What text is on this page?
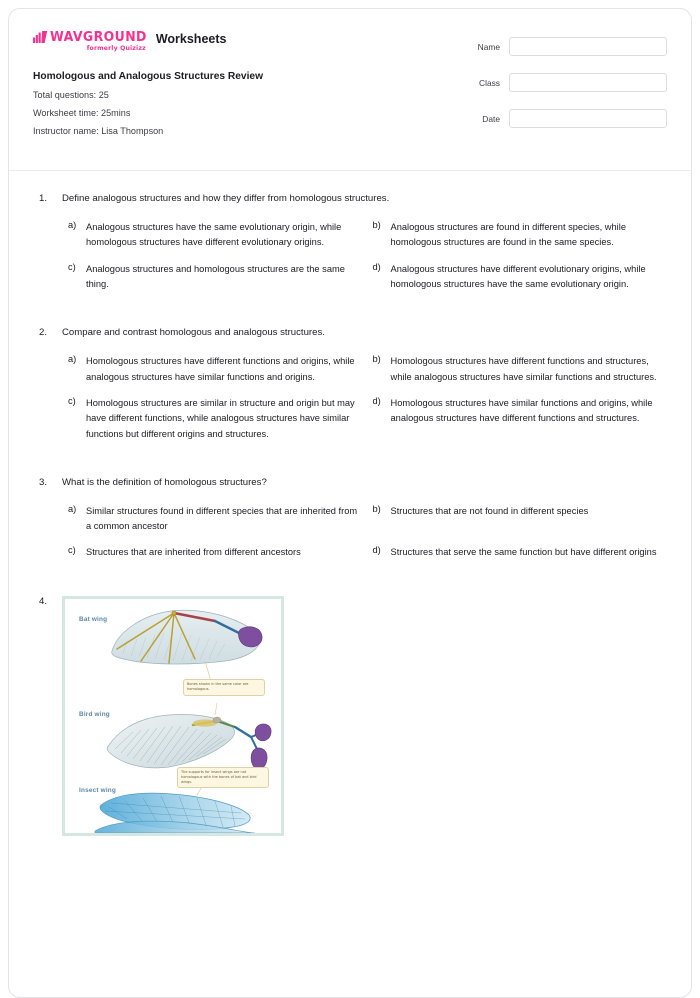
WAVGROUND
formerly Quizizz
Worksheets
Homologous and Analogous Structures Review
Total questions: 25
Worksheet time: 25mins
Instructor name: Lisa Thompson
Name
Class
Date
1.	Define analogous structures and how they differ from homologous structures.
a)	Analogous structures have the same evolutionary origin, while homologous structures have different evolutionary origins.
b)	Analogous structures are found in different species, while homologous structures are found in the same species.
c)	Analogous structures and homologous structures are the same thing.
d)	Analogous structures have different evolutionary origins, while homologous structures have the same evolutionary origin.
2.	Compare and contrast homologous and analogous structures.
a)	Homologous structures have different functions and origins, while analogous structures have similar functions and origins.
b)	Homologous structures have different functions and structures, while analogous structures have similar functions and structures.
c)	Homologous structures are similar in structure and origin but may have different functions, while analogous structures have similar functions but different origins and structures.
d)	Homologous structures have similar functions and origins, while analogous structures have different functions and structures.
3.	What is the definition of homologous structures?
a)	Similar structures found in different species that are inherited from a common ancestor
b)	Structures that are not found in different species
c)	Structures that are inherited from different ancestors	d)	Structures that serve the same function but have different origins
4.
Bat wing
Bird wing
Insect wing
Bones shown in the same color are homologous.
The supports for insect wings are not homologous with the bones of bat and bird wings.
